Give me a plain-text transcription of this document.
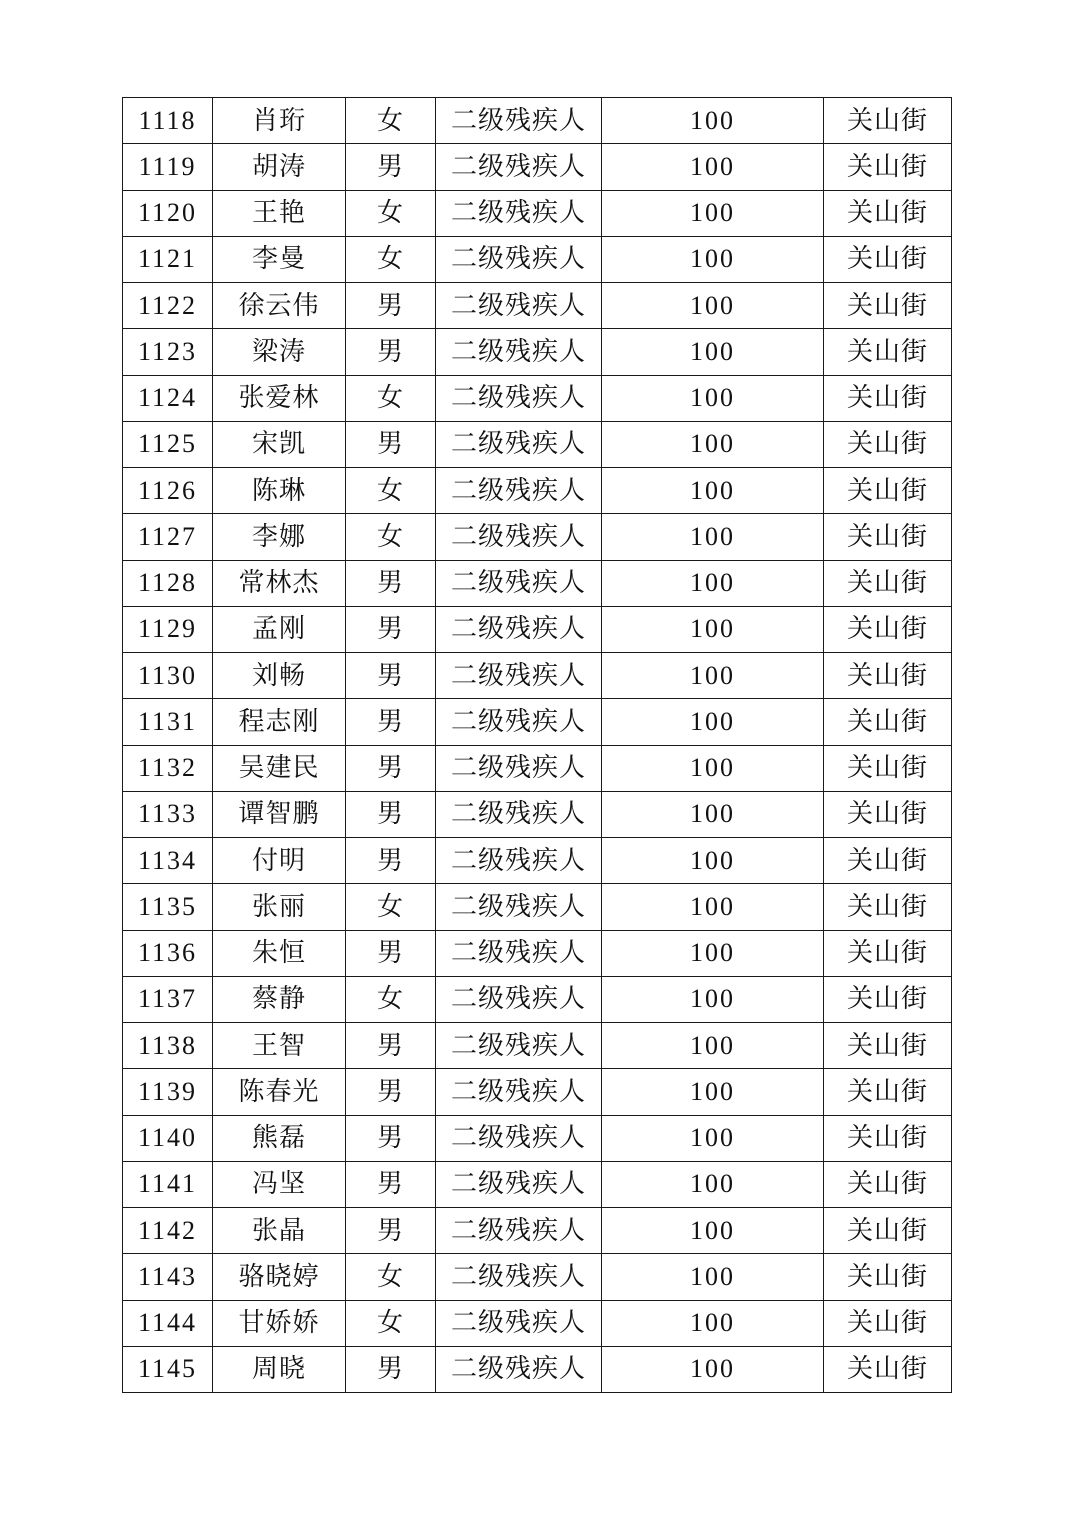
1118	肖珩	女	二级残疾人	100	关山街
1119	胡涛	男	二级残疾人	100	关山街
1120	王艳	女	二级残疾人	100	关山街
1121	李曼	女	二级残疾人	100	关山街
1122	徐云伟	男	二级残疾人	100	关山街
1123	梁涛	男	二级残疾人	100	关山街
1124	张爱林	女	二级残疾人	100	关山街
1125	宋凯	男	二级残疾人	100	关山街
1126	陈琳	女	二级残疾人	100	关山街
1127	李娜	女	二级残疾人	100	关山街
1128	常林杰	男	二级残疾人	100	关山街
1129	孟刚	男	二级残疾人	100	关山街
1130	刘畅	男	二级残疾人	100	关山街
1131	程志刚	男	二级残疾人	100	关山街
1132	吴建民	男	二级残疾人	100	关山街
1133	谭智鹏	男	二级残疾人	100	关山街
1134	付明	男	二级残疾人	100	关山街
1135	张丽	女	二级残疾人	100	关山街
1136	朱恒	男	二级残疾人	100	关山街
1137	蔡静	女	二级残疾人	100	关山街
1138	王智	男	二级残疾人	100	关山街
1139	陈春光	男	二级残疾人	100	关山街
1140	熊磊	男	二级残疾人	100	关山街
1141	冯坚	男	二级残疾人	100	关山街
1142	张晶	男	二级残疾人	100	关山街
1143	骆晓婷	女	二级残疾人	100	关山街
1144	甘娇娇	女	二级残疾人	100	关山街
1145	周晓	男	二级残疾人	100	关山街
